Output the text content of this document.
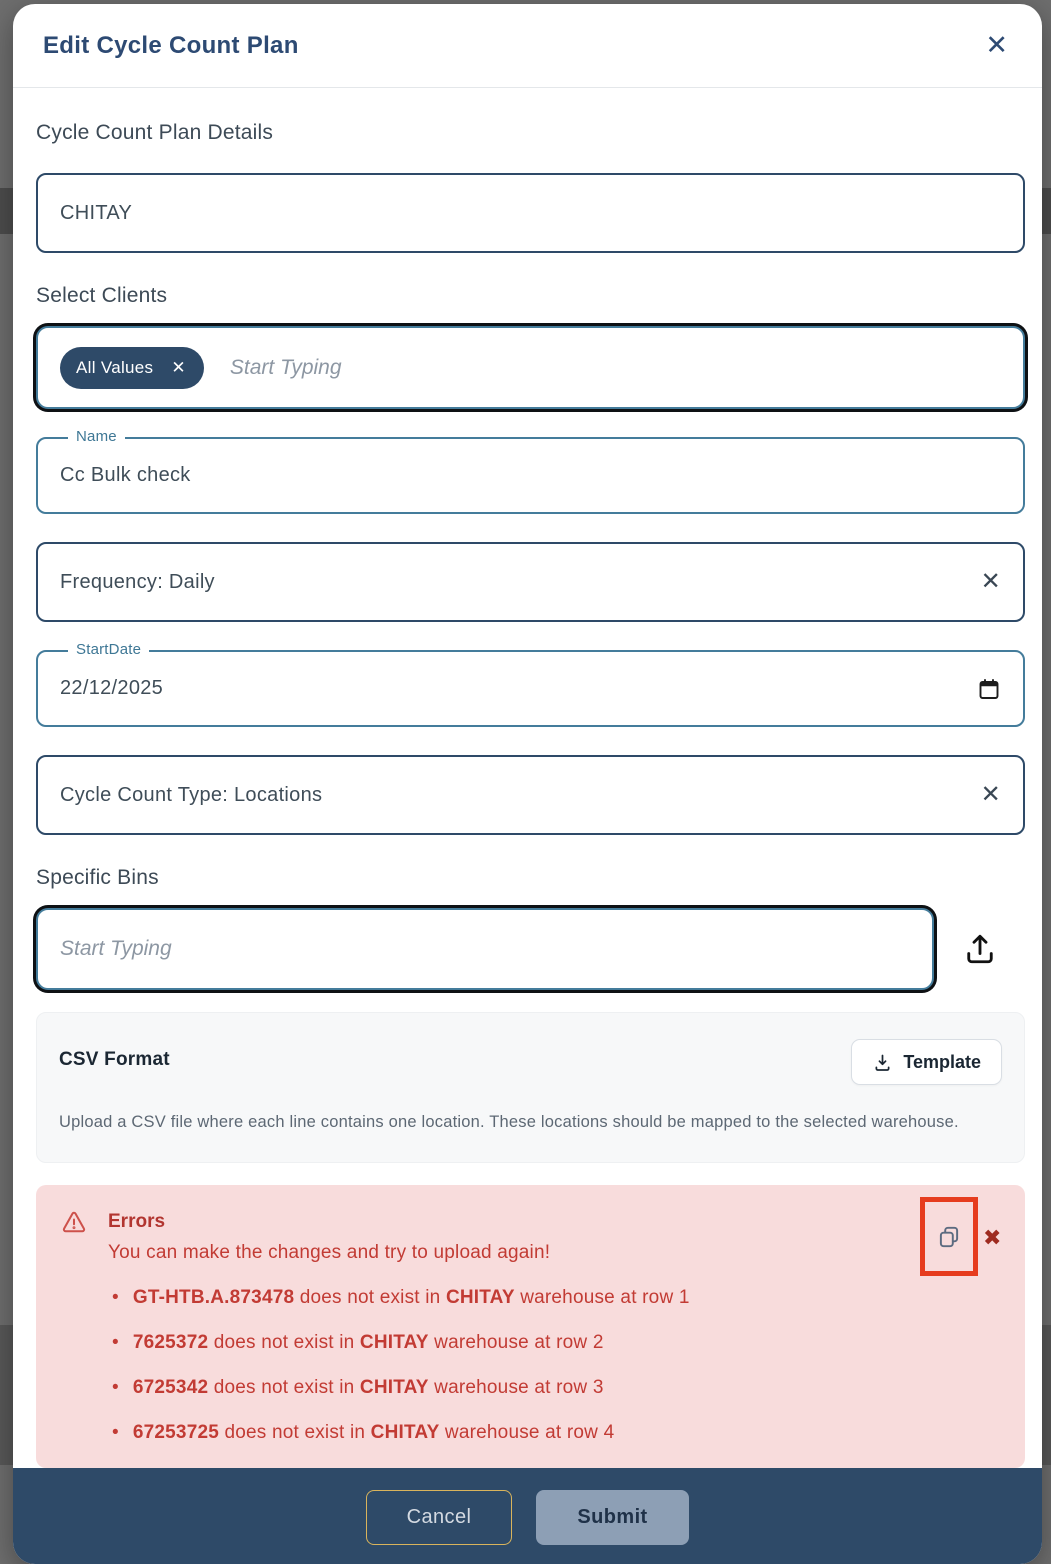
Edit Cycle Count Plan	✕
Cycle Count Plan Details
CHITAY
Select Clients
All Values ✕
Start Typing
Name
Cc Bulk check
Frequency: Daily	✕
StartDate
22/12/2025
Cycle Count Type: Locations	✕
Specific Bins
Start Typing
CSV Format	Template
Upload a CSV file where each line contains one location. These locations should be mapped to the selected warehouse.
Errors
You can make the changes and try to upload again!
• GT-HTB.A.873478 does not exist in CHITAY warehouse at row 1
• 7625372 does not exist in CHITAY warehouse at row 2
• 6725342 does not exist in CHITAY warehouse at row 3
• 67253725 does not exist in CHITAY warehouse at row 4
✖
Cancel	Submit
